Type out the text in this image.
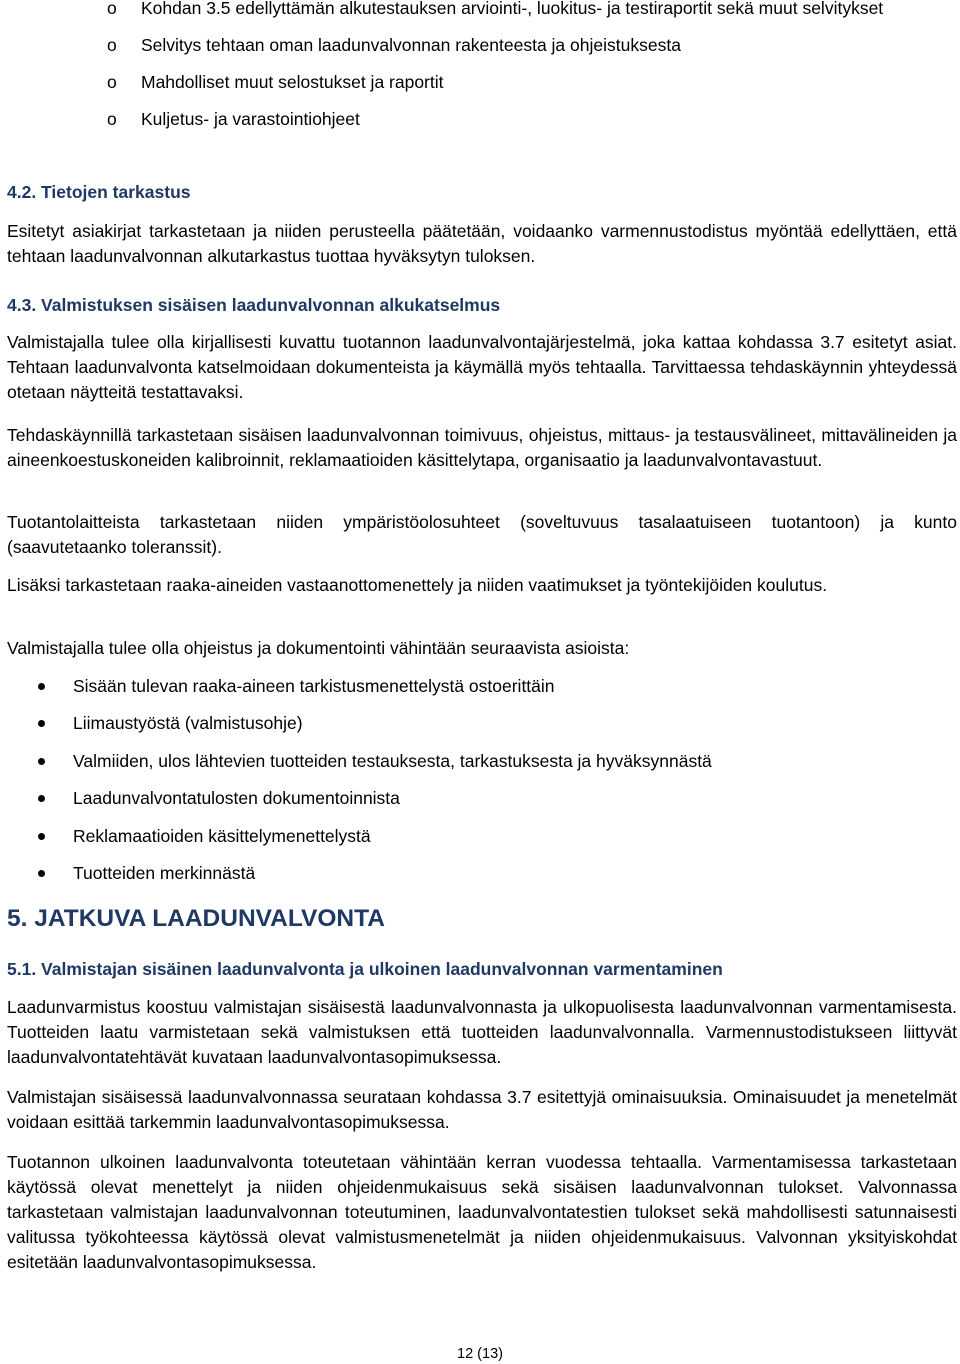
o Kohdan 3.5 edellyttämän alkutestauksen arviointi-, luokitus- ja testiraportit sekä muut selvitykset
o Selvitys tehtaan oman laadunvalvonnan rakenteesta ja ohjeistuksesta
o Mahdolliset muut selostukset ja raportit
o Kuljetus- ja varastointiohjeet
4.2. Tietojen tarkastus

Esitetyt asiakirjat tarkastetaan ja niiden perusteella päätetään, voidaanko varmennustodistus myöntää edellyttäen, että tehtaan laadunvalvonnan alkutarkastus tuottaa hyväksytyn tuloksen.

4.3. Valmistuksen sisäisen laadunvalvonnan alkukatselmus

Valmistajalla tulee olla kirjallisesti kuvattu tuotannon laadunvalvontajärjestelmä, joka kattaa kohdassa 3.7 esitetyt asiat. Tehtaan laadunvalvonta katselmoidaan dokumenteista ja käymällä myös tehtaalla. Tarvittaessa tehdaskäynnin yhteydessä otetaan näytteitä testattavaksi.

Tehdaskäynnillä tarkastetaan sisäisen laadunvalvonnan toimivuus, ohjeistus, mittaus- ja testausvälineet, mittavälineiden ja aineenkoestuskoneiden kalibroinnit, reklamaatioiden käsittelytapa, organisaatio ja laadunvalvontavastuut.

Tuotantolaitteista tarkastetaan niiden ympäristöolosuhteet (soveltuvuus tasalaatuiseen tuotantoon) ja kunto (saavutetaanko toleranssit).

Lisäksi tarkastetaan raaka-aineiden vastaanottomenettely ja niiden vaatimukset ja työntekijöiden koulutus.

Valmistajalla tulee olla ohjeistus ja dokumentointi vähintään seuraavista asioista:

Sisään tulevan raaka-aineen tarkistusmenettelystä ostoerittäin
Liimaustyöstä (valmistusohje)
Valmiiden, ulos lähtevien tuotteiden testauksesta, tarkastuksesta ja hyväksynnästä
Laadunvalvontatulosten dokumentoinnista
Reklamaatioiden käsittelymenettelystä
Tuotteiden merkinnästä
5. JATKUVA LAADUNVALVONTA
5.1. Valmistajan sisäinen laadunvalvonta ja ulkoinen laadunvalvonnan varmentaminen

Laadunvarmistus koostuu valmistajan sisäisestä laadunvalvonnasta ja ulkopuolisesta laadunvalvonnan varmentamisesta. Tuotteiden laatu varmistetaan sekä valmistuksen että tuotteiden laadunvalvonnalla. Varmennustodistukseen liittyvät laadunvalvontatehtävät kuvataan laadunvalvontasopimuksessa.

Valmistajan sisäisessä laadunvalvonnassa seurataan kohdassa 3.7 esitettyjä ominaisuuksia. Ominaisuudet ja menetelmät voidaan esittää tarkemmin laadunvalvontasopimuksessa.

Tuotannon ulkoinen laadunvalvonta toteutetaan vähintään kerran vuodessa tehtaalla. Varmentamisessa tarkastetaan käytössä olevat menettelyt ja niiden ohjeidenmukaisuus sekä sisäisen laadunvalvonnan tulokset. Valvonnassa tarkastetaan valmistajan laadunvalvonnan toteutuminen, laadunvalvontatestien tulokset sekä mahdollisesti satunnaisesti valitussa työkohteessa käytössä olevat valmistusmenetelmät ja niiden ohjeidenmukaisuus. Valvonnan yksityiskohdat esitetään laadunvalvontasopimuksessa.

12 (13)
